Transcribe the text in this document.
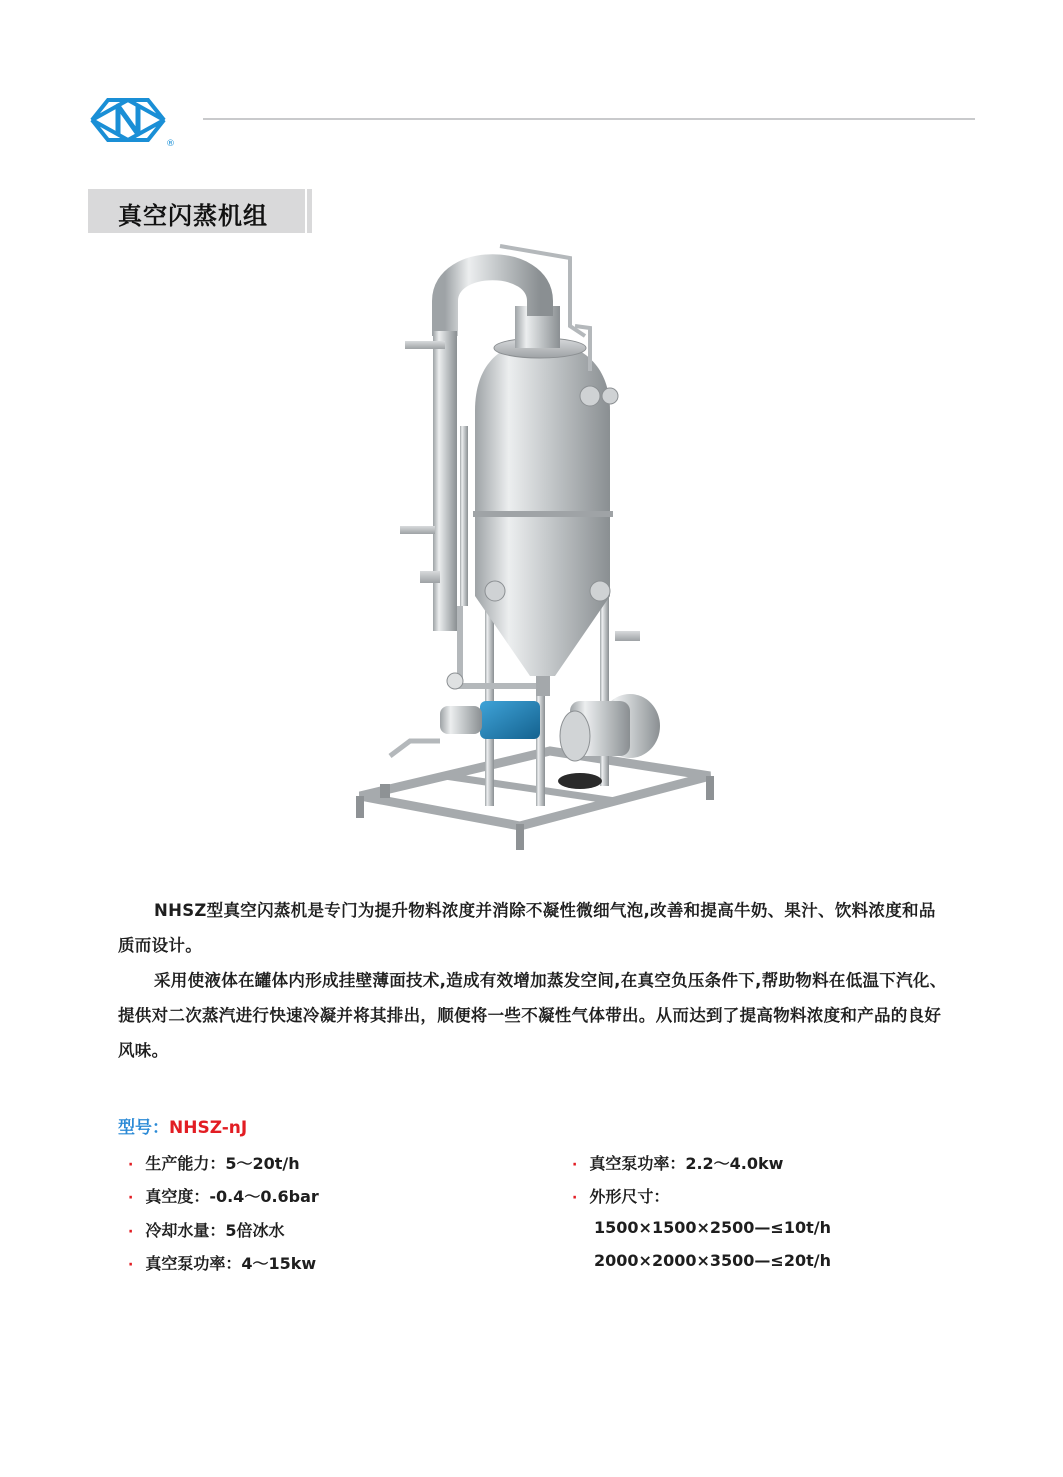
®
真空闪蒸机组

NHSZ型真空闪蒸机是专门为提升物料浓度并消除不凝性微细气泡,改善和提高牛奶、果汁、饮料浓度和品质而设计。

采用使液体在罐体内形成挂壁薄面技术,造成有效增加蒸发空间,在真空负压条件下,帮助物料在低温下汽化、提供对二次蒸汽进行快速冷凝并将其排出，顺便将一些不凝性气体带出。从而达到了提高物料浓度和产品的良好风味。

型号：NHSZ-nJ
· 生产能力：5～20t/h
· 真空度：-0.4～0.6bar
· 冷却水量：5倍冰水
· 真空泵功率：4～15kw
· 真空泵功率：2.2～4.0kw
· 外形尺寸：
1500×1500×2500—≤10t/h
2000×2000×3500—≤20t/h
